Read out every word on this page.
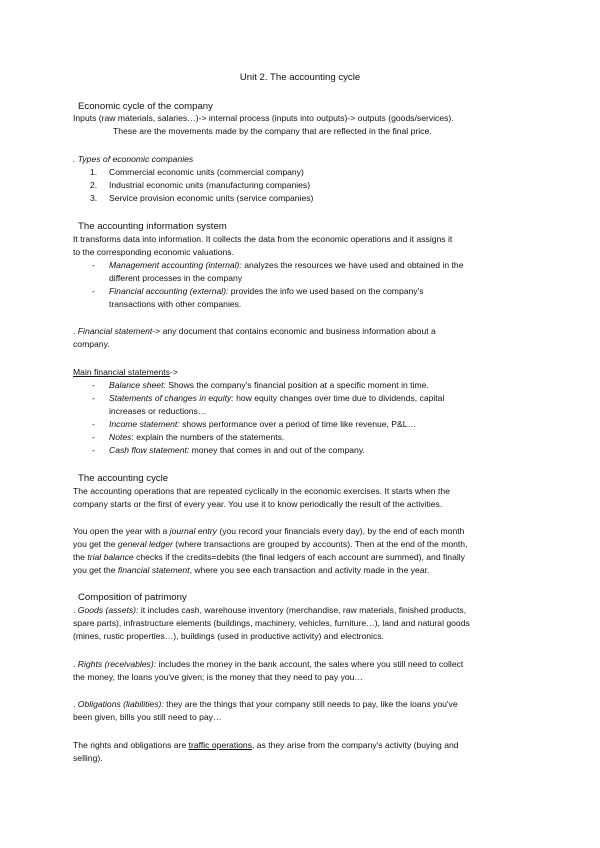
Unit 2. The accounting cycle
Economic cycle of the company
Inputs (raw materials, salaries…)-> internal process (inputs into outputs)-> outputs (goods/services).
These are the movements made by the company that are reflected in the final price.
. Types of economic companies
1. Commercial economic units (commercial company)
2. Industrial economic units (manufacturing companies)
3. Service provision economic units (service companies)
The accounting information system
It transforms data into information. It collects the data from the economic operations and it assigns it
to the corresponding economic valuations.
- Management accounting (internal): analyzes the resources we have used and obtained in the
different processes in the company
- Financial accounting (external): provides the info we used based on the company's
transactions with other companies.
. Financial statement-> any document that contains economic and business information about a
company.
Main financial statements->
- Balance sheet: Shows the company's financial position at a specific moment in time.
- Statements of changes in equity: how equity changes over time due to dividends, capital
increases or reductions…
- Income statement: shows performance over a period of time like revenue, P&L…
- Notes: explain the numbers of the statements.
- Cash flow statement: money that comes in and out of the company.
The accounting cycle
The accounting operations that are repeated cyclically in the economic exercises. It starts when the
company starts or the first of every year. You use it to know periodically the result of the activities.
You open the year with a journal entry (you record your financials every day), by the end of each month
you get the general ledger (where transactions are grouped by accounts). Then at the end of the month,
the trial balance checks if the credits=debits (the final ledgers of each account are summed), and finally
you get the financial statement, where you see each transaction and activity made in the year.
Composition of patrimony
. Goods (assets): it includes cash, warehouse inventory (merchandise, raw materials, finished products,
spare parts), infrastructure elements (buildings, machinery, vehicles, furniture…), land and natural goods
(mines, rustic properties…), buildings (used in productive activity) and electronics.
. Rights (receivables): includes the money in the bank account, the sales where you still need to collect
the money, the loans you've given; is the money that they need to pay you…
. Obligations (liabilities): they are the things that your company still needs to pay, like the loans you've
been given, bills you still need to pay…
The rights and obligations are traffic operations, as they arise from the company's activity (buying and
selling).
